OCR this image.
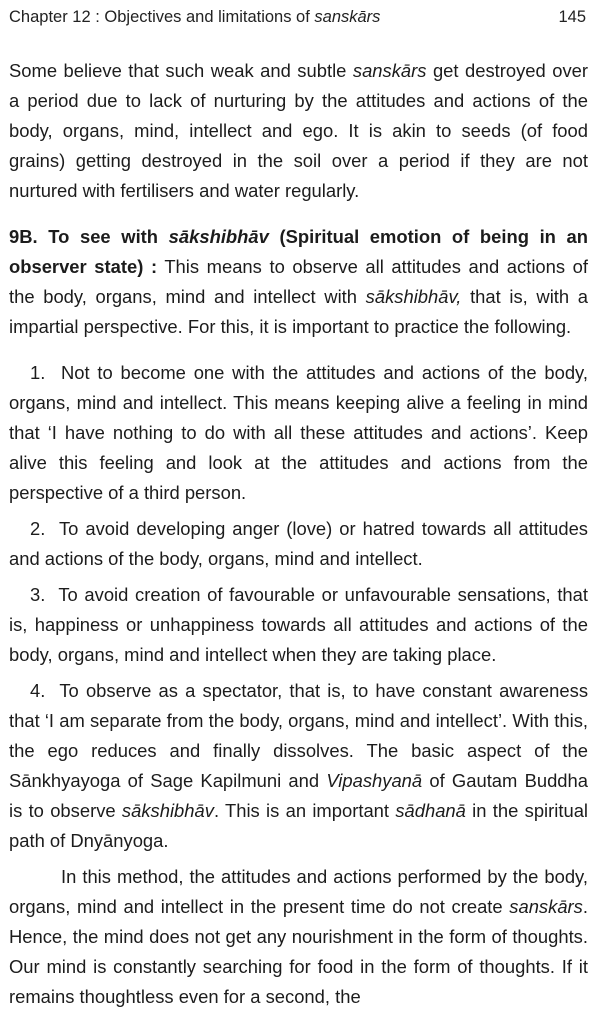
Chapter 12 : Objectives and limitations of sanskārs	145

Some believe that such weak and subtle sanskārs get destroyed over a period due to lack of nurturing by the attitudes and actions of the body, organs, mind, intellect and ego. It is akin to seeds (of food grains) getting destroyed in the soil over a period if they are not nurtured with fertilisers and water regularly.

9B. To see with sākshibhāv (Spiritual emotion of being in an observer state) : This means to observe all attitudes and actions of the body, organs, mind and intellect with sākshibhāv, that is, with a impartial perspective. For this, it is important to practice the following.

1. Not to become one with the attitudes and actions of the body, organs, mind and intellect. This means keeping alive a feeling in mind that ‘I have nothing to do with all these attitudes and actions’. Keep alive this feeling and look at the attitudes and actions from the perspective of a third person.

2. To avoid developing anger (love) or hatred towards all attitudes and actions of the body, organs, mind and intellect.

3. To avoid creation of favourable or unfavourable sensations, that is, happiness or unhappiness towards all attitudes and actions of the body, organs, mind and intellect when they are taking place.

4. To observe as a spectator, that is, to have constant awareness that ‘I am separate from the body, organs, mind and intellect’. With this, the ego reduces and finally dissolves. The basic aspect of the Sānkhyayoga of Sage Kapilmuni and Vipashyanā of Gautam Buddha is to observe sākshibhāv. This is an important sādhanā in the spiritual path of Dnyānyoga.

In this method, the attitudes and actions performed by the body, organs, mind and intellect in the present time do not create sanskārs. Hence, the mind does not get any nourishment in the form of thoughts. Our mind is constantly searching for food in the form of thoughts. If it remains thoughtless even for a second, the
